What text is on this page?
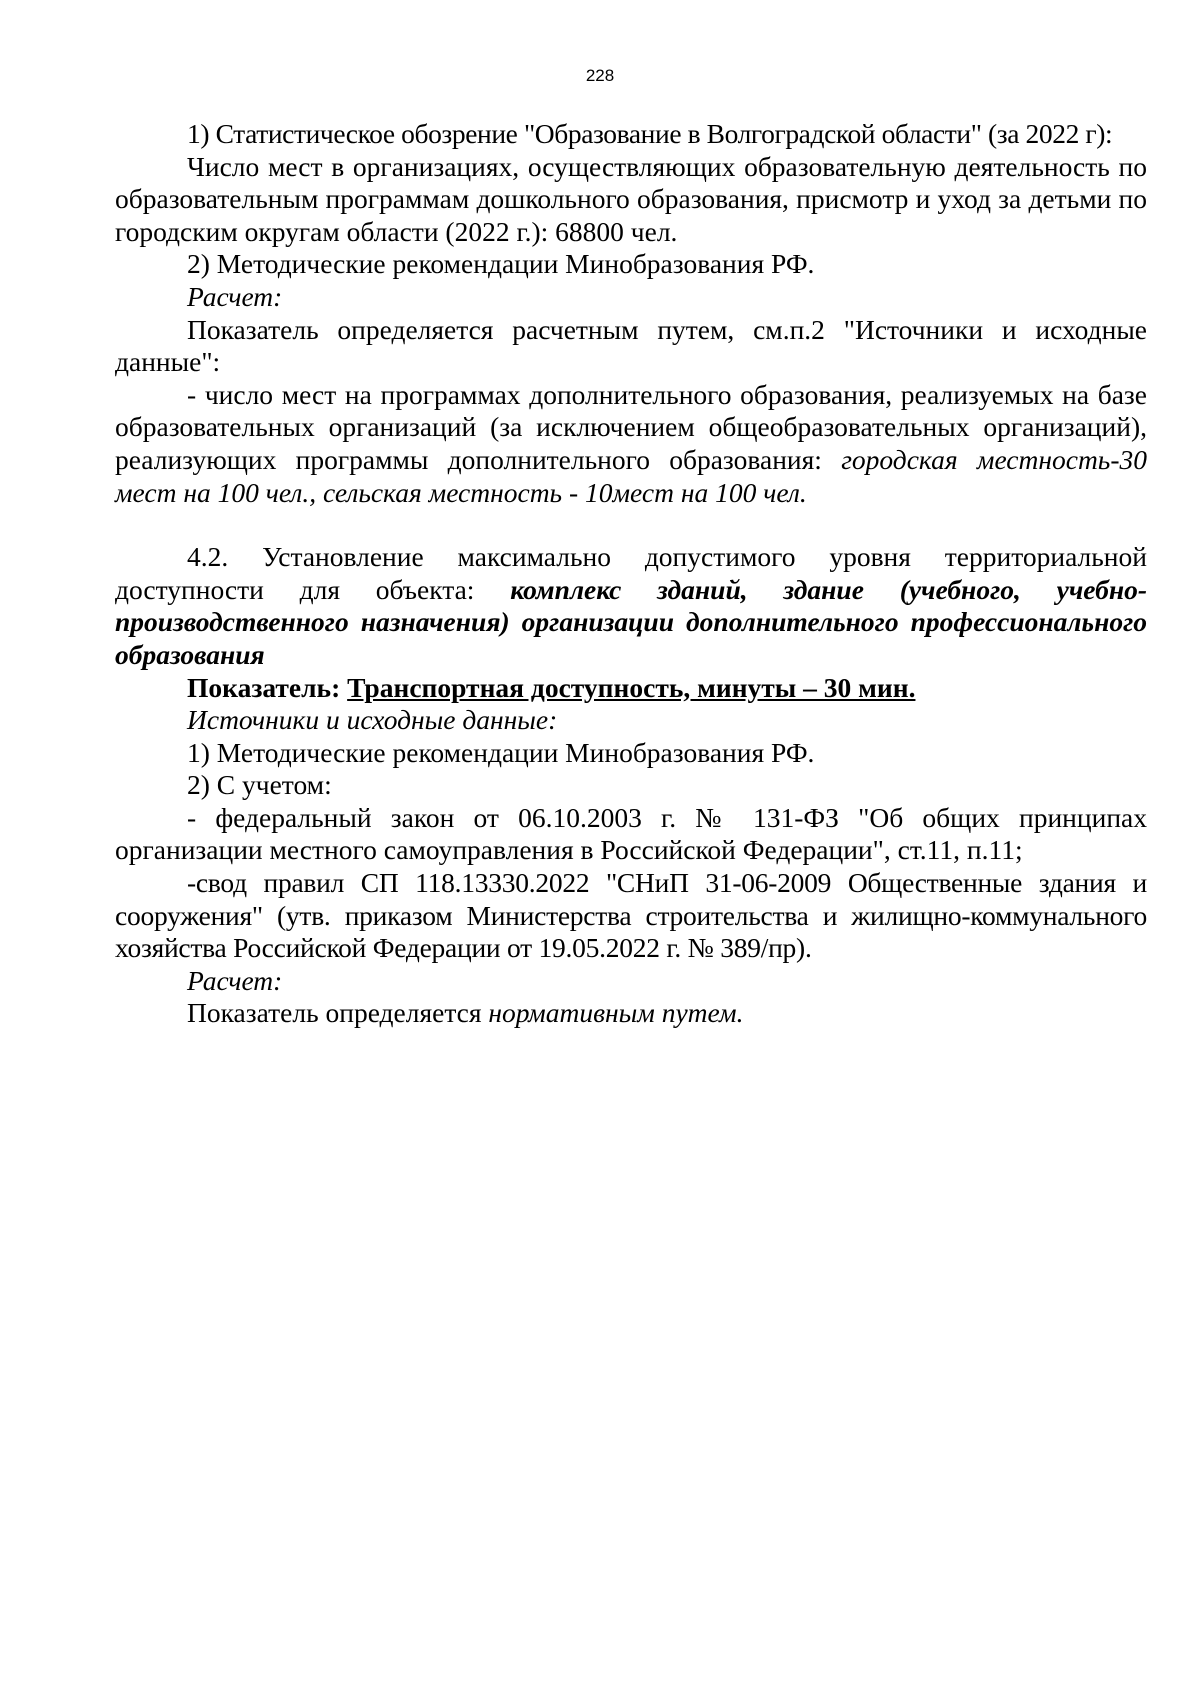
228

1) Статистическое обозрение "Образование в Волгоградской области" (за 2022 г):

Число мест в организациях, осуществляющих образовательную деятельность по образовательным программам дошкольного образования, присмотр и уход за детьми по городским округам области (2022 г.): 68800 чел.

2) Методические рекомендации Минобразования РФ.

Расчет:

Показатель определяется расчетным путем, см.п.2 "Источники и исходные данные":

- число мест на программах дополнительного образования, реализуемых на базе образовательных организаций (за исключением общеобразовательных организаций), реализующих программы дополнительного образования: городская местность-30 мест на 100 чел., сельская местность - 10мест на 100 чел.

4.2. Установление максимально допустимого уровня территориальной доступности для объекта: комплекс зданий, здание (учебного, учебно-производственного назначения) организации дополнительного профессионального образования

Показатель: Транспортная доступность, минуты – 30 мин.

Источники и исходные данные:

1) Методические рекомендации Минобразования РФ.

2) С учетом:

- федеральный закон от 06.10.2003 г. № 131-ФЗ "Об общих принципах организации местного самоуправления в Российской Федерации", ст.11, п.11;

-свод правил СП 118.13330.2022 "СНиП 31-06-2009 Общественные здания и сооружения" (утв. приказом Министерства строительства и жилищно-коммунального хозяйства Российской Федерации от 19.05.2022 г. № 389/пр).

Расчет:

Показатель определяется нормативным путем.
